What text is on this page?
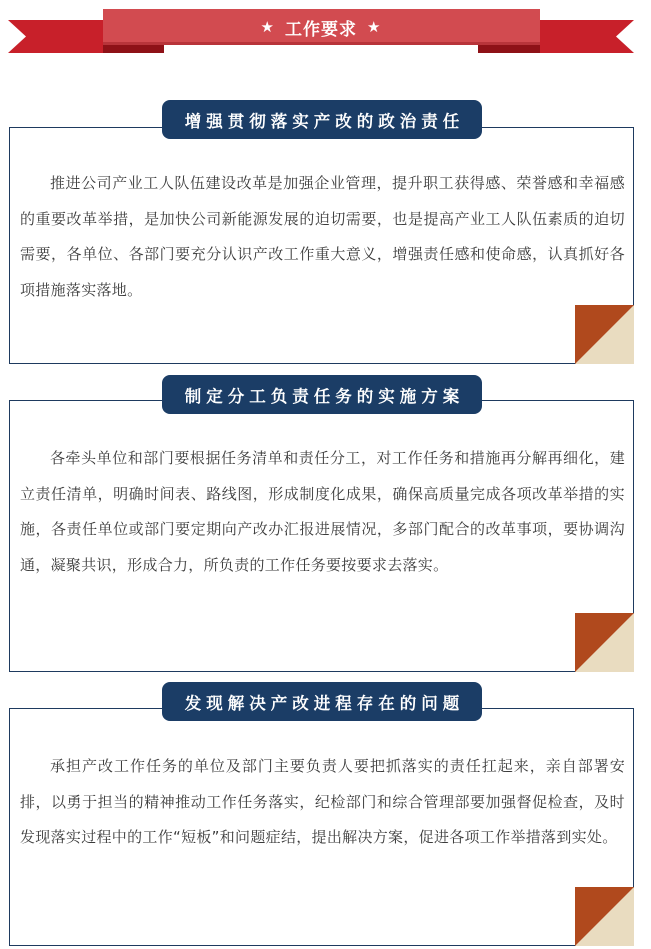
★ 工作要求 ★

推进公司产业工人队伍建设改革是加强企业管理，提升职工获得感、荣誉感和幸福感的重要改革举措，是加快公司新能源发展的迫切需要，也是提高产业工人队伍素质的迫切需要，各单位、各部门要充分认识产改工作重大意义，增强责任感和使命感，认真抓好各项措施落实落地。

增强贯彻落实产改的政治责任

各牵头单位和部门要根据任务清单和责任分工，对工作任务和措施再分解再细化，建立责任清单，明确时间表、路线图，形成制度化成果，确保高质量完成各项改革举措的实施，各责任单位或部门要定期向产改办汇报进展情况，多部门配合的改革事项，要协调沟通，凝聚共识，形成合力，所负责的工作任务要按要求去落实。

制定分工负责任务的实施方案

承担产改工作任务的单位及部门主要负责人要把抓落实的责任扛起来，亲自部署安排，以勇于担当的精神推动工作任务落实，纪检部门和综合管理部要加强督促检查，及时发现落实过程中的工作“短板”和问题症结，提出解决方案，促进各项工作举措落到实处。

发现解决产改进程存在的问题
